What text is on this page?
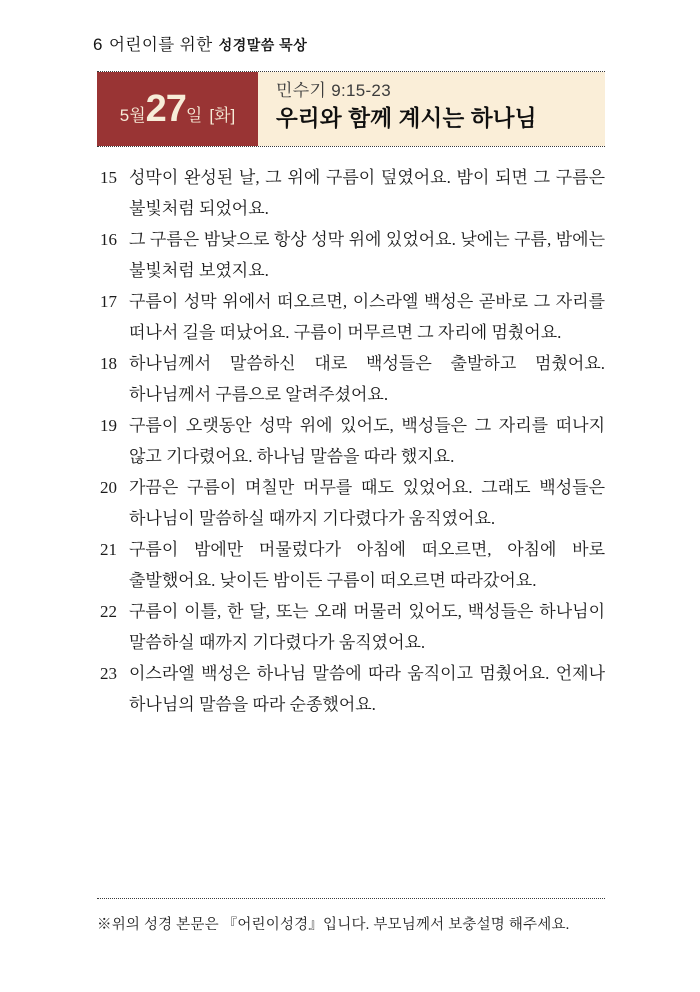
6 어린이를 위한 성경말씀 묵상
5월 27 일 [화]
민수기 9:15-23
우리와 함께 계시는 하나님
15 성막이 완성된 날, 그 위에 구름이 덮였어요. 밤이 되면 그 구름은 불빛처럼 되었어요.
16 그 구름은 밤낮으로 항상 성막 위에 있었어요. 낮에는 구름, 밤에는 불빛처럼 보였지요.
17 구름이 성막 위에서 떠오르면, 이스라엘 백성은 곧바로 그 자리를 떠나서 길을 떠났어요. 구름이 머무르면 그 자리에 멈췄어요.
18 하나님께서 말씀하신 대로 백성들은 출발하고 멈췄어요. 하나님께서 구름으로 알려주셨어요.
19 구름이 오랫동안 성막 위에 있어도, 백성들은 그 자리를 떠나지 않고 기다렸어요. 하나님 말씀을 따라 했지요.
20 가끔은 구름이 며칠만 머무를 때도 있었어요. 그래도 백성들은 하나님이 말씀하실 때까지 기다렸다가 움직였어요.
21 구름이 밤에만 머물렀다가 아침에 떠오르면, 아침에 바로 출발했어요. 낮이든 밤이든 구름이 떠오르면 따라갔어요.
22 구름이 이틀, 한 달, 또는 오래 머물러 있어도, 백성들은 하나님이 말씀하실 때까지 기다렸다가 움직였어요.
23 이스라엘 백성은 하나님 말씀에 따라 움직이고 멈췄어요. 언제나 하나님의 말씀을 따라 순종했어요.
※위의 성경 본문은 『어린이성경』입니다. 부모님께서 보충설명 해주세요.
